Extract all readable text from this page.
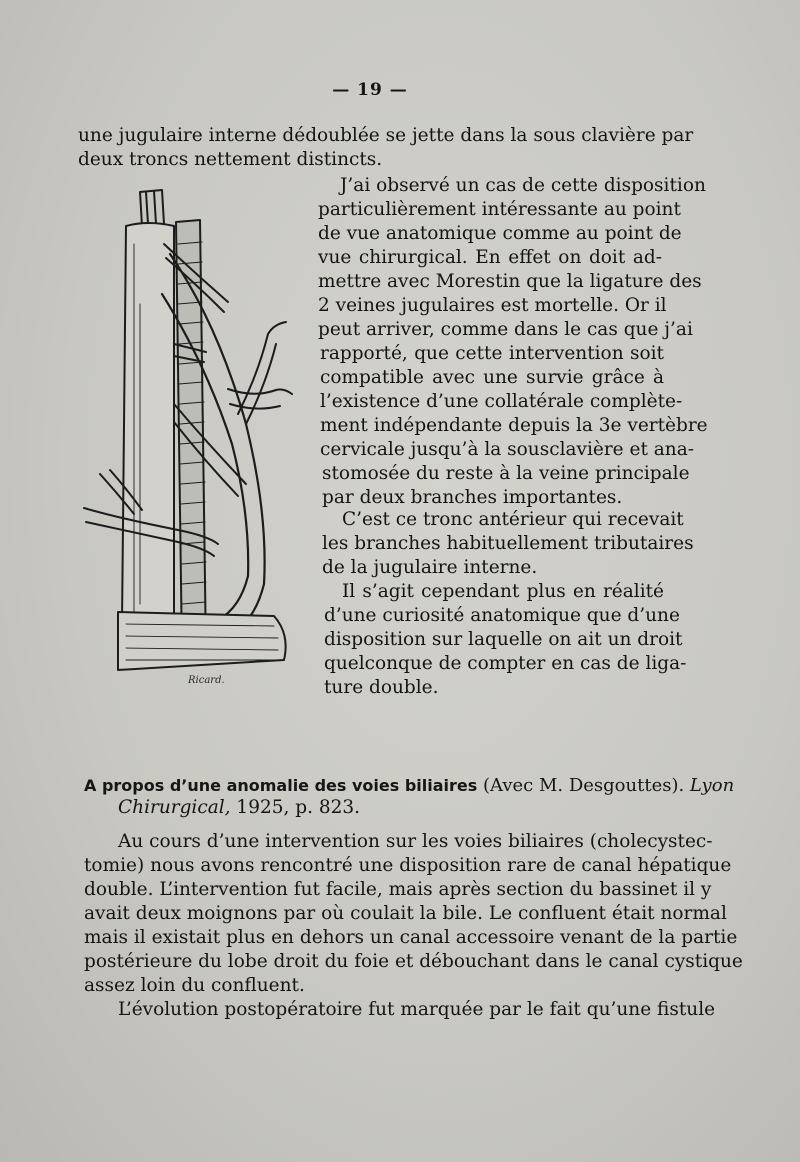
— 19 —
une jugulaire interne dédoublée se jette dans la sous clavière par
deux troncs nettement distincts.
Ricard.
J’ai observé un cas de cette disposition
particulièrement intéressante au point
de vue anatomique comme au point de
vue chirurgical. En effet on doit ad-
mettre avec Morestin que la ligature des
2 veines jugulaires est mortelle. Or il
peut arriver, comme dans le cas que j’ai
rapporté, que cette intervention soit
compatible avec une survie grâce à
l’existence d’une collatérale complète-
ment indépendante depuis la 3e vertèbre
cervicale jusqu’à la sousclavière et ana-
stomosée du reste à la veine principale
par deux branches importantes.
C’est ce tronc antérieur qui recevait
les branches habituellement tributaires
de la jugulaire interne.
Il s’agit cependant plus en réalité
d’une curiosité anatomique que d’une
disposition sur laquelle on ait un droit
quelconque de compter en cas de liga-
ture double.
A propos d’une anomalie des voies biliaires (Avec M. Desgouttes). Lyon
Chirurgical, 1925, p. 823.
Au cours d’une intervention sur les voies biliaires (cholecystec-
tomie) nous avons rencontré une disposition rare de canal hépatique
double. L’intervention fut facile, mais après section du bassinet il y
avait deux moignons par où coulait la bile. Le confluent était normal
mais il existait plus en dehors un canal accessoire venant de la partie
postérieure du lobe droit du foie et débouchant dans le canal cystique
assez loin du confluent.
L’évolution postopératoire fut marquée par le fait qu’une fistule
